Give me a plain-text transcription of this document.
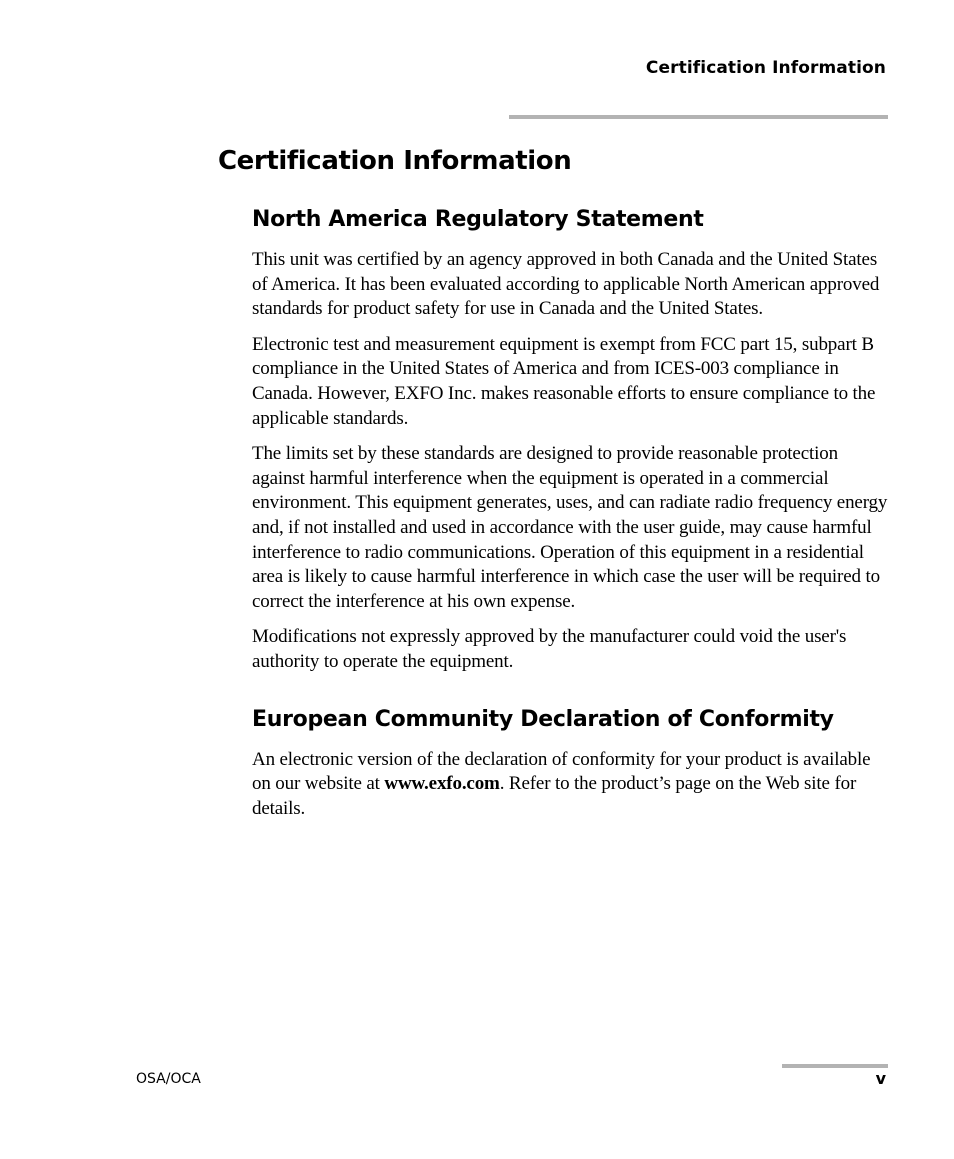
Certification Information
Certification Information
North America Regulatory Statement

This unit was certified by an agency approved in both Canada and the United States of America. It has been evaluated according to applicable North American approved standards for product safety for use in Canada and the United States.

Electronic test and measurement equipment is exempt from FCC part 15, subpart B compliance in the United States of America and from ICES-003 compliance in Canada. However, EXFO Inc. makes reasonable efforts to ensure compliance to the applicable standards.

The limits set by these standards are designed to provide reasonable protection against harmful interference when the equipment is operated in a commercial environment. This equipment generates, uses, and can radiate radio frequency energy and, if not installed and used in accordance with the user guide, may cause harmful interference to radio communications. Operation of this equipment in a residential area is likely to cause harmful interference in which case the user will be required to correct the interference at his own expense.

Modifications not expressly approved by the manufacturer could void the user's authority to operate the equipment.

European Community Declaration of Conformity

An electronic version of the declaration of conformity for your product is available on our website at www.exfo.com. Refer to the product’s page on the Web site for details.

OSA/OCA	v
